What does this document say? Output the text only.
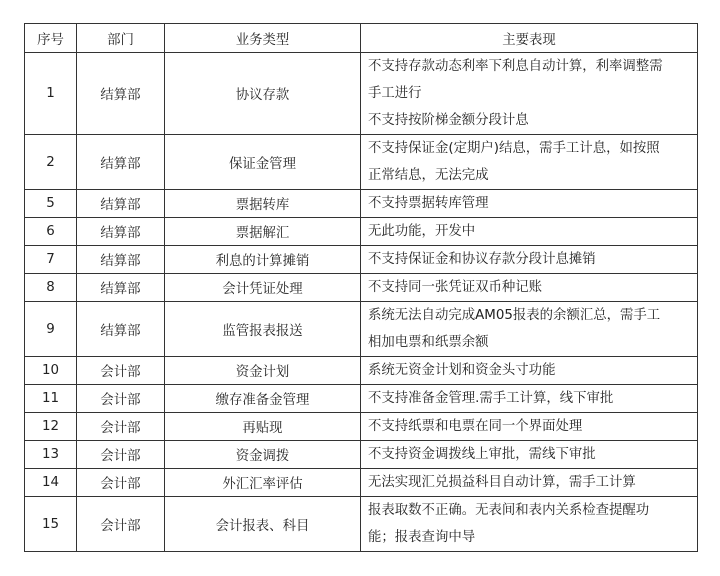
序号	部门	业务类型	主要表现
1	结算部	协议存款	不支持存款动态利率下利息自动计算，利率调整需
手工进行
不支持按阶梯金额分段计息

2	结算部	保证金管理	不支持保证金(定期户)结息，需手工计息，如按照
正常结息，无法完成

5	结算部	票据转库	不支持票据转库管理

6	结算部	票据解汇	无此功能，开发中

7	结算部	利息的计算摊销	不支持保证金和协议存款分段计息摊销

8	结算部	会计凭证处理	不支持同一张凭证双币种记账

9	结算部	监管报表报送	系统无法自动完成AM05报表的余额汇总，需手工
相加电票和纸票余额

10	会计部	资金计划	系统无资金计划和资金头寸功能

11	会计部	缴存准备金管理	不支持准备金管理.需手工计算，线下审批

12	会计部	再贴现	不支持纸票和电票在同一个界面处理

13	会计部	资金调拨	不支持资金调拨线上审批，需线下审批

14	会计部	外汇汇率评估	无法实现汇兑损益科目自动计算，需手工计算

15	会计部	会计报表、科目	报表取数不正确。无表间和表内关系检查提醒功
能；报表查询中导
